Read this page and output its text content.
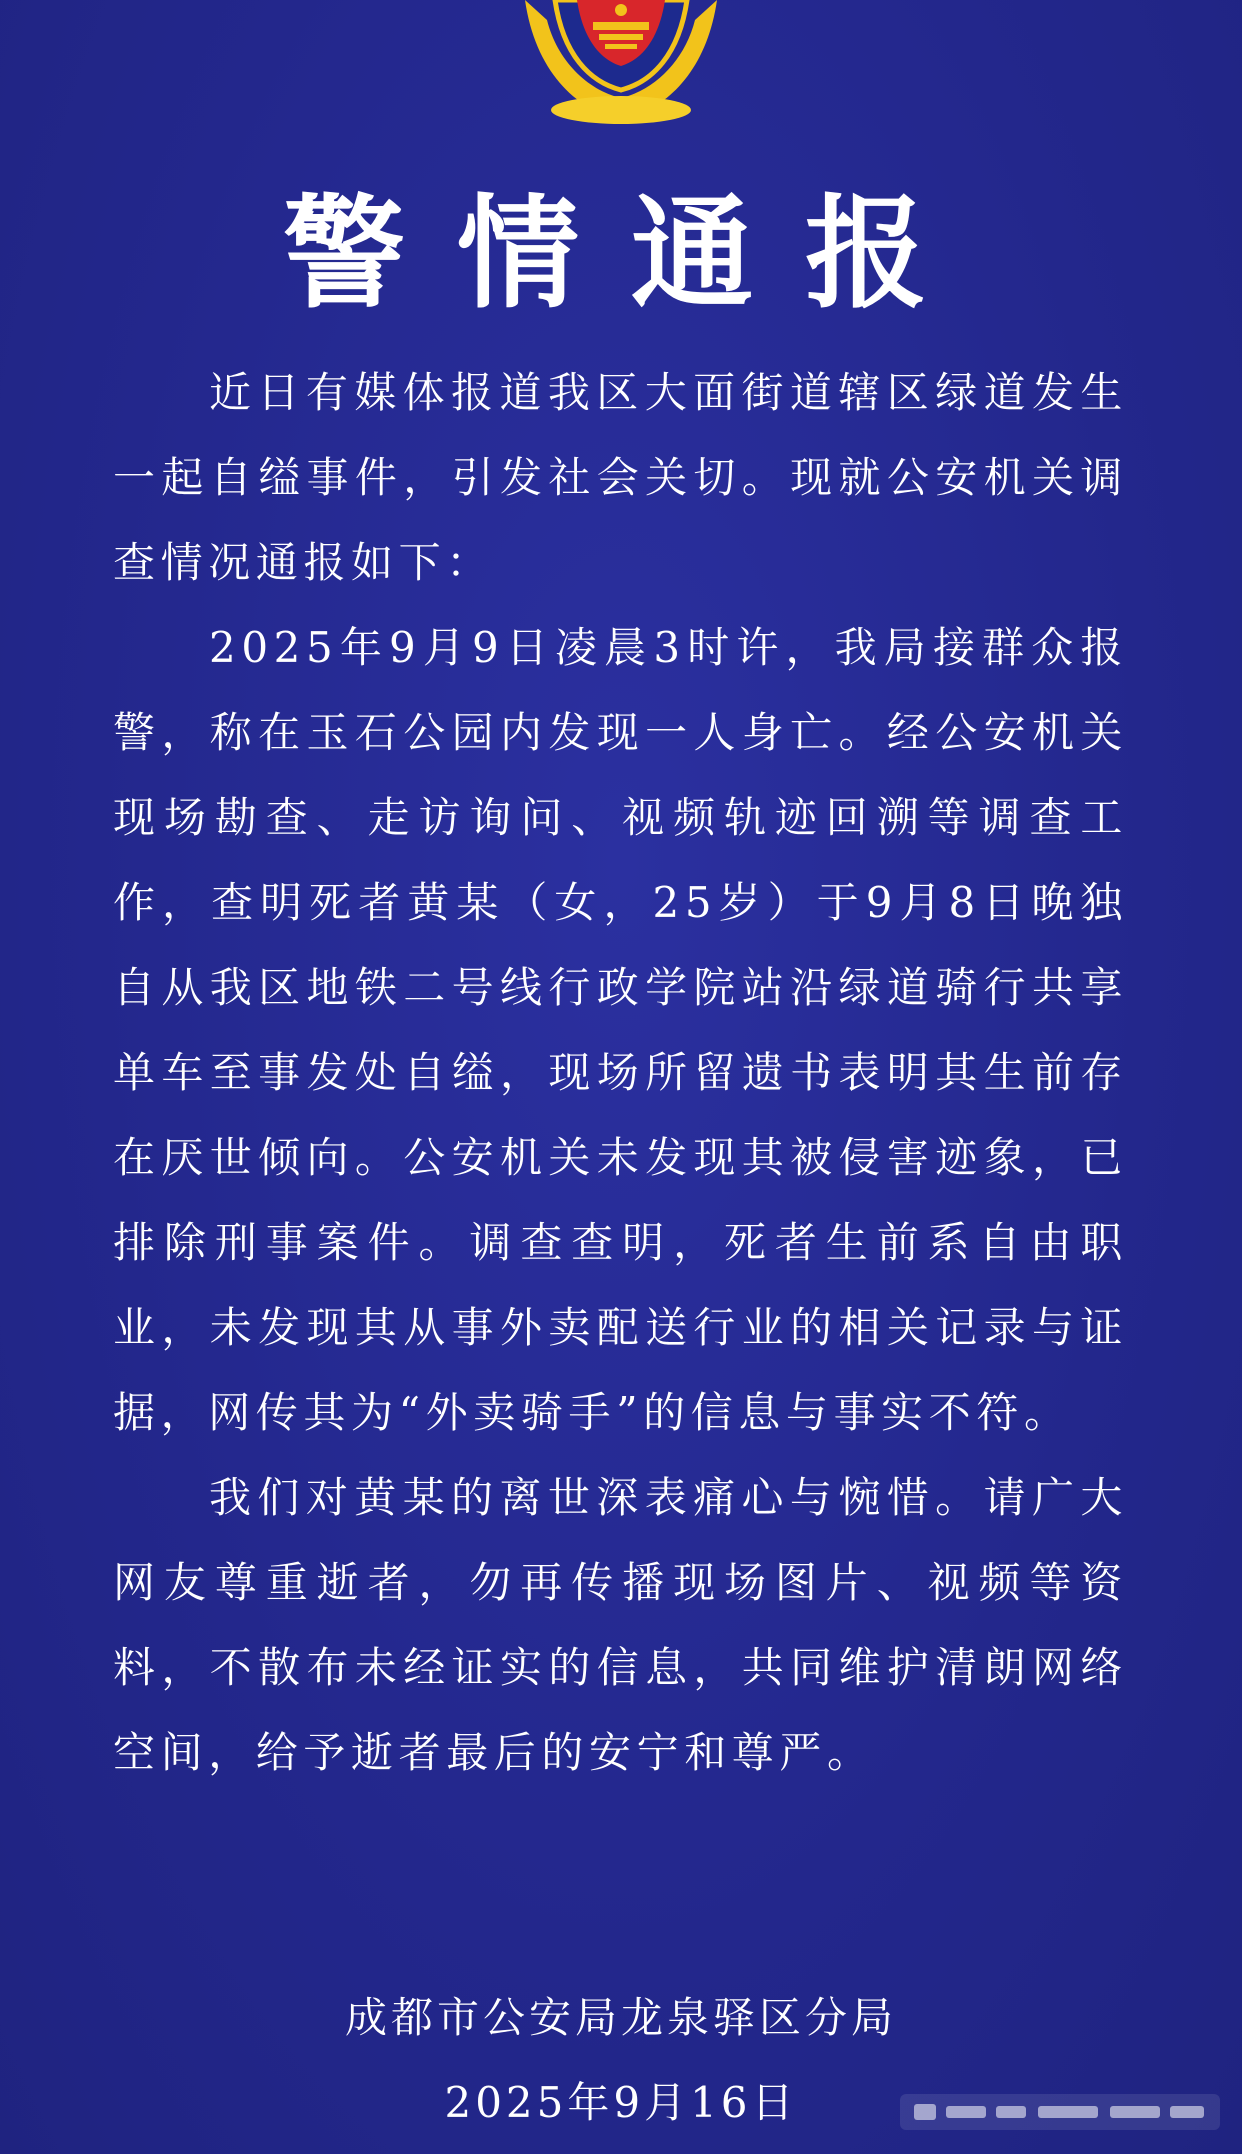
警情通报

近日有媒体报道我区大面街道辖区绿道发生一起自缢事件，引发社会关切。现就公安机关调查情况通报如下：

2025年9月9日凌晨3时许，我局接群众报警，称在玉石公园内发现一人身亡。经公安机关现场勘查、走访询问、视频轨迹回溯等调查工作，查明死者黄某（女，25岁）于9月8日晚独自从我区地铁二号线行政学院站沿绿道骑行共享单车至事发处自缢，现场所留遗书表明其生前存在厌世倾向。公安机关未发现其被侵害迹象，已排除刑事案件。调查查明，死者生前系自由职业，未发现其从事外卖配送行业的相关记录与证据，网传其为“外卖骑手”的信息与事实不符。

我们对黄某的离世深表痛心与惋惜。请广大网友尊重逝者，勿再传播现场图片、视频等资料，不散布未经证实的信息，共同维护清朗网络空间，给予逝者最后的安宁和尊严。

成都市公安局龙泉驿区分局
2025年9月16日
